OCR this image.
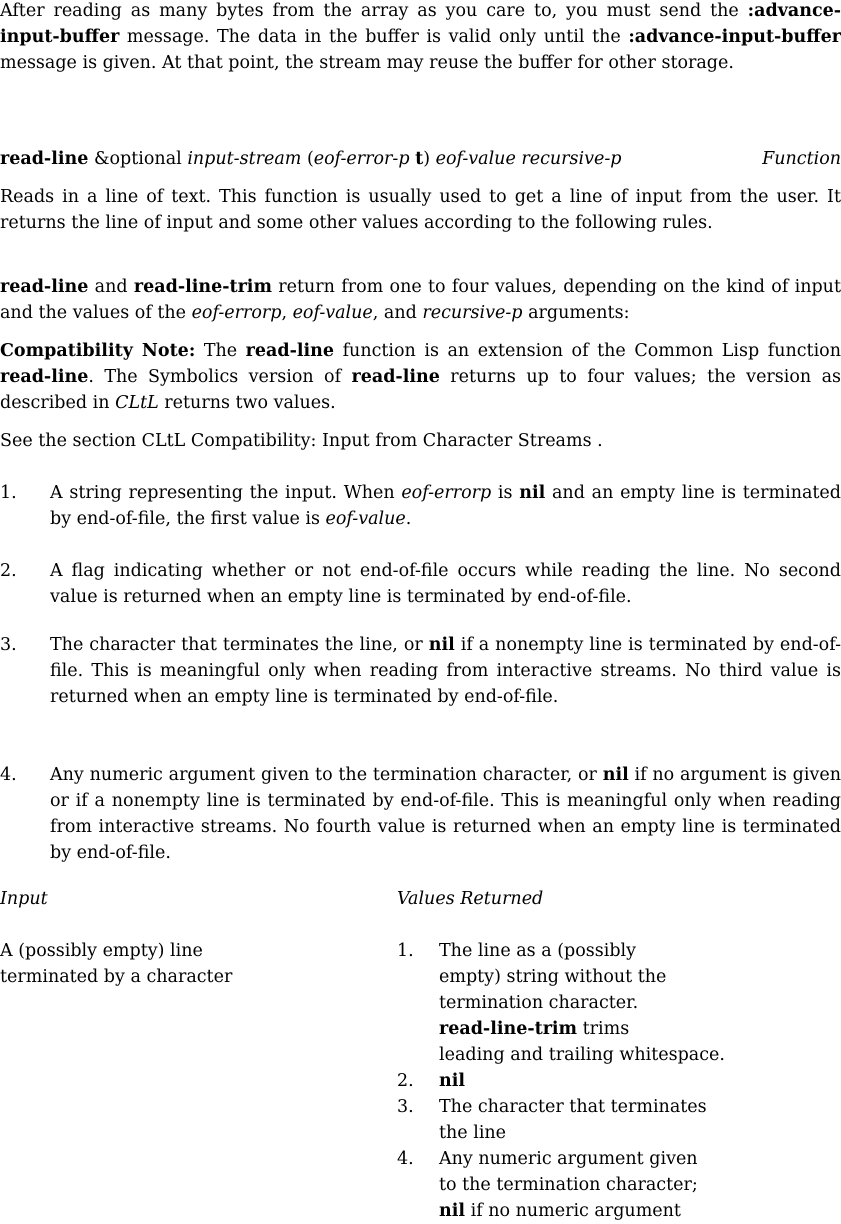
After reading as many bytes from the array as you care to, you must send the :advance-input-buffer message. The data in the buffer is valid only until the :advance-input-buffer message is given. At that point, the stream may reuse the buffer for other storage.

read-line &optional input-stream (eof-error-p t) eof-value recursive-p	Function

Reads in a line of text. This function is usually used to get a line of input from the user. It returns the line of input and some other values according to the following rules.

read-line and read-line-trim return from one to four values, depending on the kind of input and the values of the eof-errorp, eof-value, and recursive-p arguments:

Compatibility Note: The read-line function is an extension of the Common Lisp function read-line. The Symbolics version of read-line returns up to four values; the version as described in CLtL returns two values.

See the section CLtL Compatibility: Input from Character Streams .

1. A string representing the input. When eof-errorp is nil and an empty line is terminated by end-of-file, the first value is eof-value.

2. A flag indicating whether or not end-of-file occurs while reading the line. No second value is returned when an empty line is terminated by end-of-file.

3. The character that terminates the line, or nil if a nonempty line is terminated by end-of-file. This is meaningful only when reading from interactive streams. No third value is returned when an empty line is terminated by end-of-file.

4. Any numeric argument given to the termination character, or nil if no argument is given or if a nonempty line is terminated by end-of-file. This is meaningful only when reading from interactive streams. No fourth value is returned when an empty line is terminated by end-of-file.

Input	Values Returned
A (possibly empty) line
terminated by a character
1. The line as a (possibly
empty) string without the
termination character.
read-line-trim trims
leading and trailing whitespace.
2. nil
3. The character that terminates
the line
4. Any numeric argument given
to the termination character;
nil if no numeric argument
